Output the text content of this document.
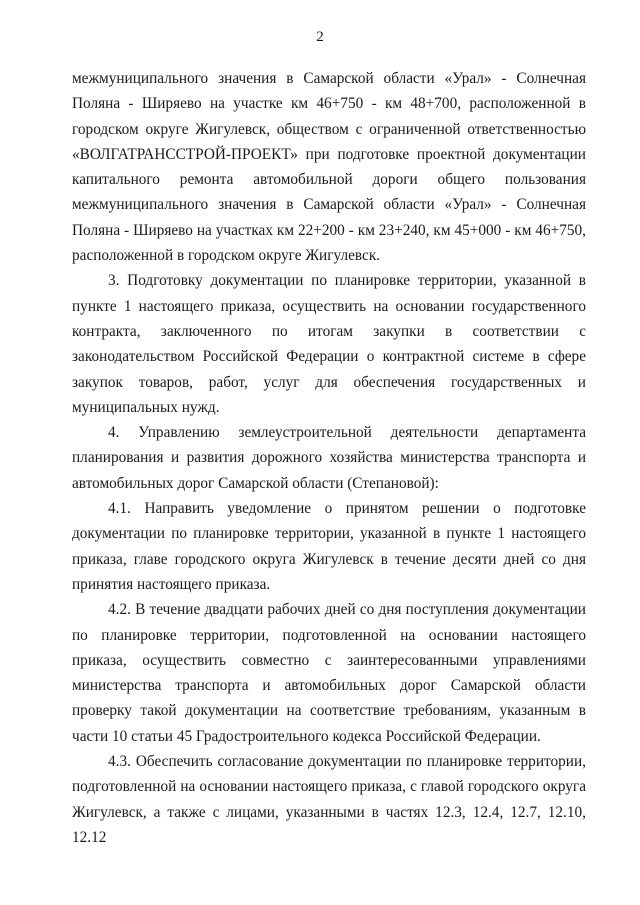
2

межмуниципального значения в Самарской области «Урал» - Солнечная Поляна - Ширяево на участке км 46+750 - км 48+700, расположенной в городском округе Жигулевск, обществом с ограниченной ответственностью «ВОЛГАТРАНССТРОЙ-ПРОЕКТ» при подготовке проектной документации капитального ремонта автомобильной дороги общего пользования межмуниципального значения в Самарской области «Урал» - Солнечная Поляна - Ширяево на участках км 22+200 - км 23+240, км 45+000 - км 46+750, расположенной в городском округе Жигулевск.

3. Подготовку документации по планировке территории, указанной в пункте 1 настоящего приказа, осуществить на основании государственного контракта, заключенного по итогам закупки в соответствии с законодательством Российской Федерации о контрактной системе в сфере закупок товаров, работ, услуг для обеспечения государственных и муниципальных нужд.

4. Управлению землеустроительной деятельности департамента планирования и развития дорожного хозяйства министерства транспорта и автомобильных дорог Самарской области (Степановой):

4.1. Направить уведомление о принятом решении о подготовке документации по планировке территории, указанной в пункте 1 настоящего приказа, главе городского округа Жигулевск в течение десяти дней со дня принятия настоящего приказа.

4.2. В течение двадцати рабочих дней со дня поступления документации по планировке территории, подготовленной на основании настоящего приказа, осуществить совместно с заинтересованными управлениями министерства транспорта и автомобильных дорог Самарской области проверку такой документации на соответствие требованиям, указанным в части 10 статьи 45 Градостроительного кодекса Российской Федерации.

4.3. Обеспечить согласование документации по планировке территории, подготовленной на основании настоящего приказа, с главой городского округа Жигулевск, а также с лицами, указанными в частях 12.3, 12.4, 12.7, 12.10, 12.12
